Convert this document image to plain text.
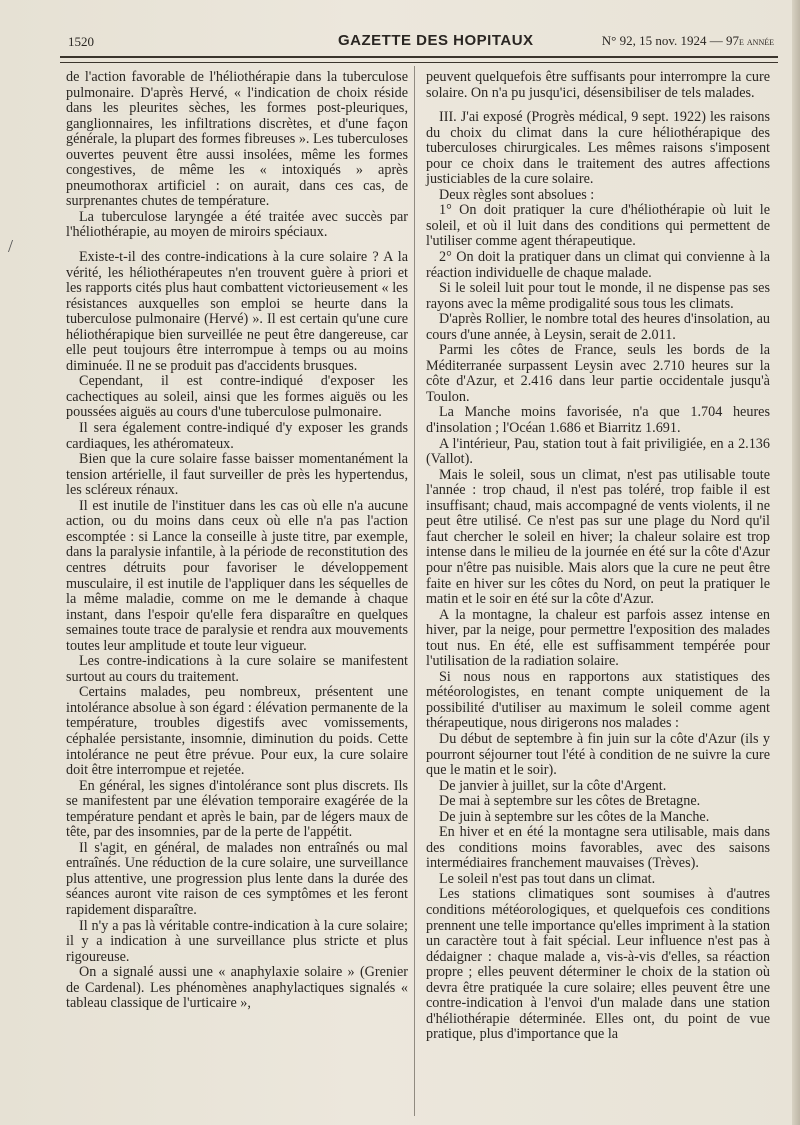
1520	GAZETTE DES HOPITAUX	N° 92, 15 nov. 1924 — 97e année
/

de l'action favorable de l'héliothérapie dans la tuberculose pulmonaire. D'après Hervé, « l'indication de choix réside dans les pleurites sèches, les formes post-pleuriques, ganglionnaires, les infiltrations discrètes, et d'une façon générale, la plupart des formes fibreuses ». Les tuberculoses ouvertes peuvent être aussi insolées, même les formes congestives, de même les « intoxiqués » après pneumothorax artificiel : on aurait, dans ces cas, de surprenantes chutes de température.

La tuberculose laryngée a été traitée avec succès par l'héliothérapie, au moyen de miroirs spéciaux.

Existe-t-il des contre-indications à la cure solaire ? A la vérité, les héliothérapeutes n'en trouvent guère à priori et les rapports cités plus haut combattent victorieusement « les résistances auxquelles son emploi se heurte dans la tuberculose pulmonaire (Hervé) ». Il est certain qu'une cure héliothérapique bien surveillée ne peut être dangereuse, car elle peut toujours être interrompue à temps ou au moins diminuée. Il ne se produit pas d'accidents brusques.

Cependant, il est contre-indiqué d'exposer les cachectiques au soleil, ainsi que les formes aiguës ou les poussées aiguës au cours d'une tuberculose pulmonaire.

Il sera également contre-indiqué d'y exposer les grands cardiaques, les athéromateux.

Bien que la cure solaire fasse baisser momentanément la tension artérielle, il faut surveiller de près les hypertendus, les scléreux rénaux.

Il est inutile de l'instituer dans les cas où elle n'a aucune action, ou du moins dans ceux où elle n'a pas l'action escomptée : si Lance la conseille à juste titre, par exemple, dans la paralysie infantile, à la période de reconstitution des centres détruits pour favoriser le développement musculaire, il est inutile de l'appliquer dans les séquelles de la même maladie, comme on me le demande à chaque instant, dans l'espoir qu'elle fera disparaître en quelques semaines toute trace de paralysie et rendra aux mouvements toutes leur amplitude et toute leur vigueur.

Les contre-indications à la cure solaire se manifestent surtout au cours du traitement.

Certains malades, peu nombreux, présentent une intolérance absolue à son égard : élévation permanente de la température, troubles digestifs avec vomissements, céphalée persistante, insomnie, diminution du poids. Cette intolérance ne peut être prévue. Pour eux, la cure solaire doit être interrompue et rejetée.

En général, les signes d'intolérance sont plus discrets. Ils se manifestent par une élévation temporaire exagérée de la température pendant et après le bain, par de légers maux de tête, par des insomnies, par de la perte de l'appétit.

Il s'agit, en général, de malades non entraînés ou mal entraînés. Une réduction de la cure solaire, une surveillance plus attentive, une progression plus lente dans la durée des séances auront vite raison de ces symptômes et les feront rapidement disparaître.

Il n'y a pas là véritable contre-indication à la cure solaire; il y a indication à une surveillance plus stricte et plus rigoureuse.

On a signalé aussi une « anaphylaxie solaire » (Grenier de Cardenal). Les phénomènes anaphylactiques signalés « tableau classique de l'urticaire »,

peuvent quelquefois être suffisants pour interrompre la cure solaire. On n'a pu jusqu'ici, désensibiliser de tels malades.

III. J'ai exposé (Progrès médical, 9 sept. 1922) les raisons du choix du climat dans la cure héliothérapique des tuberculoses chirurgicales. Les mêmes raisons s'imposent pour ce choix dans le traitement des autres affections justiciables de la cure solaire.

Deux règles sont absolues :

1° On doit pratiquer la cure d'héliothérapie où luit le soleil, et où il luit dans des conditions qui permettent de l'utiliser comme agent thérapeutique.

2° On doit la pratiquer dans un climat qui convienne à la réaction individuelle de chaque malade.

Si le soleil luit pour tout le monde, il ne dispense pas ses rayons avec la même prodigalité sous tous les climats.

D'après Rollier, le nombre total des heures d'insolation, au cours d'une année, à Leysin, serait de 2.011.

Parmi les côtes de France, seuls les bords de la Méditerranée surpassent Leysin avec 2.710 heures sur la côte d'Azur, et 2.416 dans leur partie occidentale jusqu'à Toulon.

La Manche moins favorisée, n'a que 1.704 heures d'insolation ; l'Océan 1.686 et Biarritz 1.691.

A l'intérieur, Pau, station tout à fait priviligiée, en a 2.136 (Vallot).

Mais le soleil, sous un climat, n'est pas utilisable toute l'année : trop chaud, il n'est pas toléré, trop faible il est insuffisant; chaud, mais accompagné de vents violents, il ne peut être utilisé. Ce n'est pas sur une plage du Nord qu'il faut chercher le soleil en hiver; la chaleur solaire est trop intense dans le milieu de la journée en été sur la côte d'Azur pour n'être pas nuisible. Mais alors que la cure ne peut être faite en hiver sur les côtes du Nord, on peut la pratiquer le matin et le soir en été sur la côte d'Azur.

A la montagne, la chaleur est parfois assez intense en hiver, par la neige, pour permettre l'exposition des malades tout nus. En été, elle est suffisamment tempérée pour l'utilisation de la radiation solaire.

Si nous nous en rapportons aux statistiques des météorologistes, en tenant compte uniquement de la possibilité d'utiliser au maximum le soleil comme agent thérapeutique, nous dirigerons nos malades :

Du début de septembre à fin juin sur la côte d'Azur (ils y pourront séjourner tout l'été à condition de ne suivre la cure que le matin et le soir).

De janvier à juillet, sur la côte d'Argent.

De mai à septembre sur les côtes de Bretagne.

De juin à septembre sur les côtes de la Manche.

En hiver et en été la montagne sera utilisable, mais dans des conditions moins favorables, avec des saisons intermédiaires franchement mauvaises (Trèves).

Le soleil n'est pas tout dans un climat.

Les stations climatiques sont soumises à d'autres conditions météorologiques, et quelquefois ces conditions prennent une telle importance qu'elles impriment à la station un caractère tout à fait spécial. Leur influence n'est pas à dédaigner : chaque malade a, vis-à-vis d'elles, sa réaction propre ; elles peuvent déterminer le choix de la station où devra être pratiquée la cure solaire; elles peuvent être une contre-indication à l'envoi d'un malade dans une station d'héliothérapie déterminée. Elles ont, du point de vue pratique, plus d'importance que la
